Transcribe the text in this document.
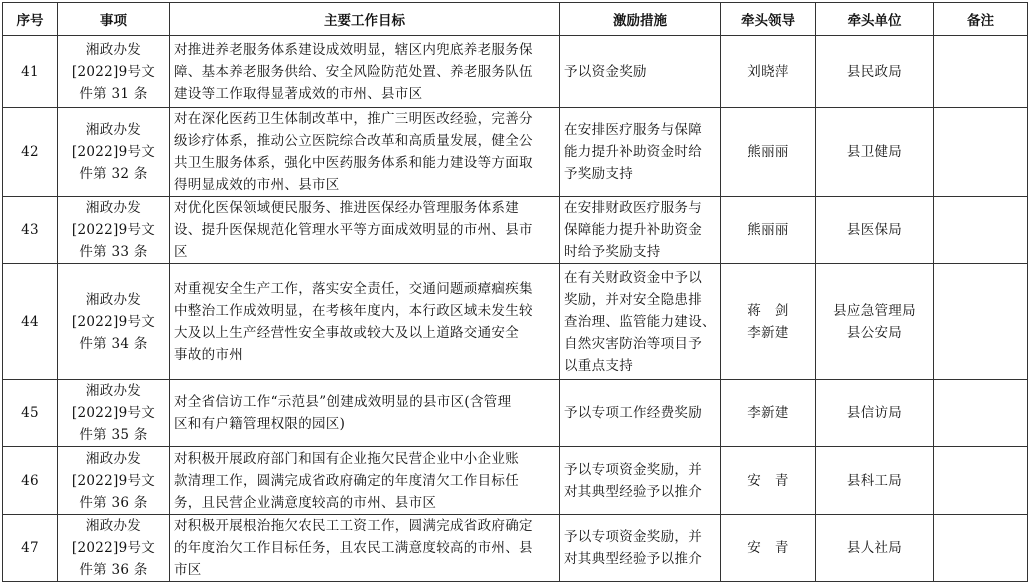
序号	事项	主要工作目标	激励措施	牵头领导	牵头单位	备注
41	湘政办发
[2022]9号文
件第 31 条	对推进养老服务体系建设成效明显，辖区内兜底养老服务保
障、基本养老服务供给、安全风险防范处置、养老服务队伍
建设等工作取得显著成效的市州、县市区	予以资金奖励	刘晓萍	县民政局	

42	湘政办发
[2022]9号文
件第 32 条	对在深化医药卫生体制改革中，推广三明医改经验，完善分
级诊疗体系，推动公立医院综合改革和高质量发展，健全公
共卫生服务体系，强化中医药服务体系和能力建设等方面取
得明显成效的市州、县市区	在安排医疗服务与保障
能力提升补助资金时给
予奖励支持	熊丽丽	县卫健局	

43	湘政办发
[2022]9号文
件第 33 条	对优化医保领域便民服务、推进医保经办管理服务体系建
设、提升医保规范化管理水平等方面成效明显的市州、县市
区	在安排财政医疗服务与
保障能力提升补助资金
时给予奖励支持	熊丽丽	县医保局	

44	湘政办发
[2022]9号文
件第 34 条	对重视安全生产工作，落实安全责任，交通问题顽瘴痼疾集
中整治工作成效明显，在考核年度内，本行政区域未发生较
大及以上生产经营性安全事故或较大及以上道路交通安全
事故的市州	在有关财政资金中予以
奖励，并对安全隐患排
查治理、监管能力建设、
自然灾害防治等项目予
以重点支持	蒋　剑
李新建	县应急管理局
县公安局	

45	湘政办发
[2022]9号文
件第 35 条	对全省信访工作“示范县”创建成效明显的县市区(含管理
区和有户籍管理权限的园区)	予以专项工作经费奖励	李新建	县信访局	

46	湘政办发
[2022]9号文
件第 36 条	对积极开展政府部门和国有企业拖欠民营企业中小企业账
款清理工作，圆满完成省政府确定的年度清欠工作目标任
务，且民营企业满意度较高的市州、县市区	予以专项资金奖励，并
对其典型经验予以推介	安　青	县科工局	

47	湘政办发
[2022]9号文
件第 36 条	对积极开展根治拖欠农民工工资工作，圆满完成省政府确定
的年度治欠工作目标任务，且农民工满意度较高的市州、县
市区	予以专项资金奖励，并
对其典型经验予以推介	安　青	县人社局	
